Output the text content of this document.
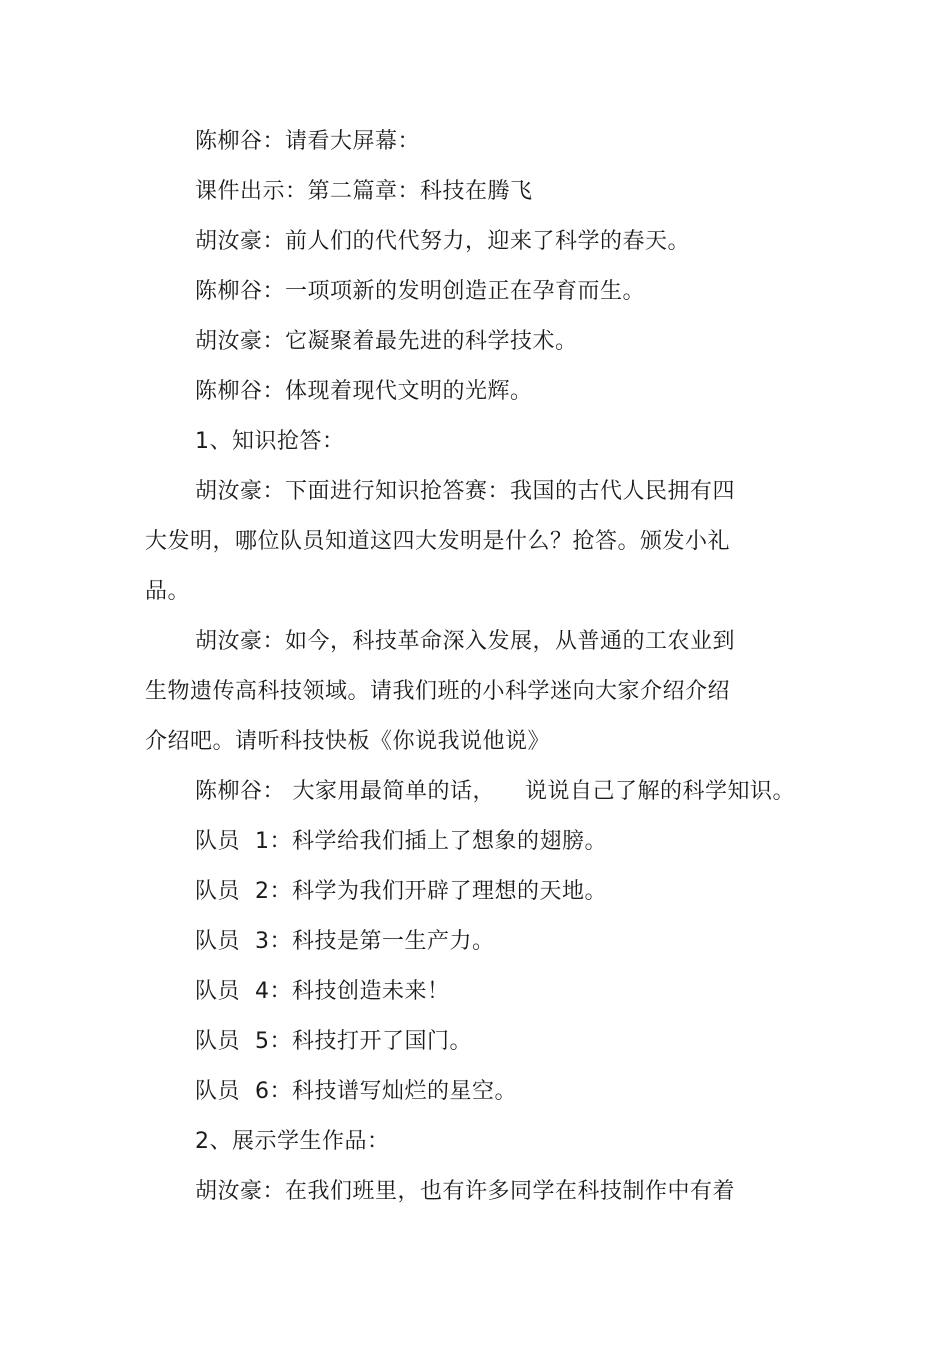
陈柳谷：请看大屏幕：
课件出示：第二篇章：科技在腾飞
胡汝豪：前人们的代代努力，迎来了科学的春天。
陈柳谷：一项项新的发明创造正在孕育而生。
胡汝豪：它凝聚着最先进的科学技术。
陈柳谷：体现着现代文明的光辉。
1、知识抢答：
胡汝豪：下面进行知识抢答赛：我国的古代人民拥有四
大发明，哪位队员知道这四大发明是什么？抢答。颁发小礼
品。
胡汝豪：如今，科技革命深入发展，从普通的工农业到
生物遗传高科技领域。请我们班的小科学迷向大家介绍介绍
介绍吧。请听科技快板《你说我说他说》
陈柳谷： 大家用最简单的话，    说说自己了解的科学知识。
队员  1：科学给我们插上了想象的翅膀。
队员  2：科学为我们开辟了理想的天地。
队员  3：科技是第一生产力。
队员  4：科技创造未来！
队员  5：科技打开了国门。
队员  6：科技谱写灿烂的星空。
2、展示学生作品：
胡汝豪：在我们班里，也有许多同学在科技制作中有着
